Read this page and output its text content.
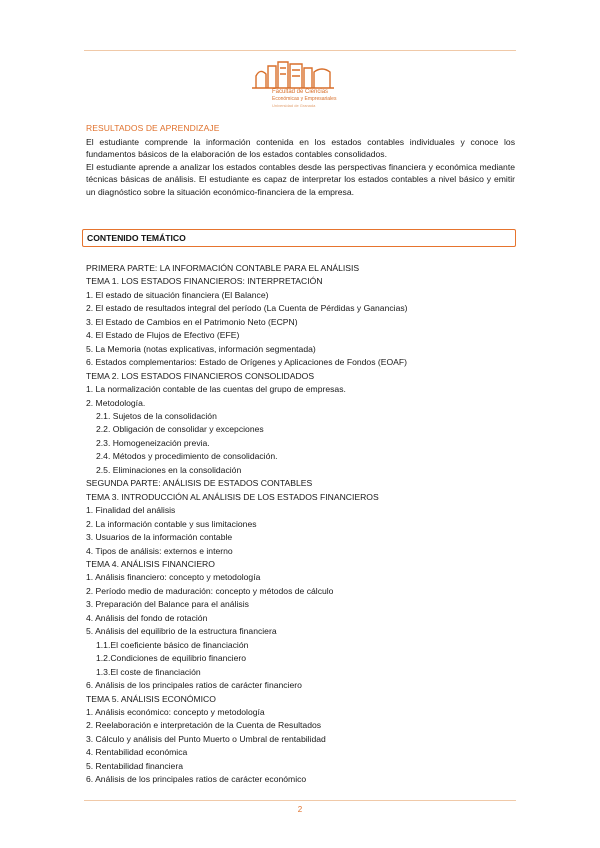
Facultad de Ciencias
Económicas y Empresariales
Universidad de Granada
RESULTADOS DE APRENDIZAJE

El estudiante comprende la información contenida en los estados contables individuales y conoce los fundamentos básicos de la elaboración de los estados contables consolidados.

El estudiante aprende a analizar los estados contables desde las perspectivas financiera y económica mediante técnicas básicas de análisis. El estudiante es capaz de interpretar los estados contables a nivel básico y emitir un diagnóstico sobre la situación económico-financiera de la empresa.

CONTENIDO TEMÁTICO
PRIMERA PARTE: LA INFORMACIÓN CONTABLE PARA EL ANÁLISIS
TEMA 1. LOS ESTADOS FINANCIEROS: INTERPRETACIÓN
1. El estado de situación financiera (El Balance)
2. El estado de resultados integral del período (La Cuenta de Pérdidas y Ganancias)
3. El Estado de Cambios en el Patrimonio Neto (ECPN)
4. El Estado de Flujos de Efectivo (EFE)
5. La Memoria (notas explicativas, información segmentada)
6. Estados complementarios: Estado de Orígenes y Aplicaciones de Fondos (EOAF)
TEMA 2. LOS ESTADOS FINANCIEROS CONSOLIDADOS
1. La normalización contable de las cuentas del grupo de empresas.
2. Metodología.
2.1. Sujetos de la consolidación
2.2. Obligación de consolidar y excepciones
2.3. Homogeneización previa.
2.4. Métodos y procedimiento de consolidación.
2.5. Eliminaciones en la consolidación
SEGUNDA PARTE: ANÁLISIS DE ESTADOS CONTABLES
TEMA 3. INTRODUCCIÓN AL ANÁLISIS DE LOS ESTADOS FINANCIEROS
1. Finalidad del análisis
2. La información contable y sus limitaciones
3. Usuarios de la información contable
4. Tipos de análisis: externos e interno
TEMA 4. ANÁLISIS FINANCIERO
1. Análisis financiero: concepto y metodología
2. Período medio de maduración: concepto y métodos de cálculo
3. Preparación del Balance para el análisis
4. Análisis del fondo de rotación
5. Análisis del equilibrio de la estructura financiera
1.1.El coeficiente básico de financiación
1.2.Condiciones de equilibrio financiero
1.3.El coste de financiación
6. Análisis de los principales ratios de carácter financiero
TEMA 5. ANÁLISIS ECONÓMICO
1. Análisis económico: concepto y metodología
2. Reelaboración e interpretación de la Cuenta de Resultados
3. Cálculo y análisis del Punto Muerto o Umbral de rentabilidad
4. Rentabilidad económica
5. Rentabilidad financiera
6. Análisis de los principales ratios de carácter económico
2
